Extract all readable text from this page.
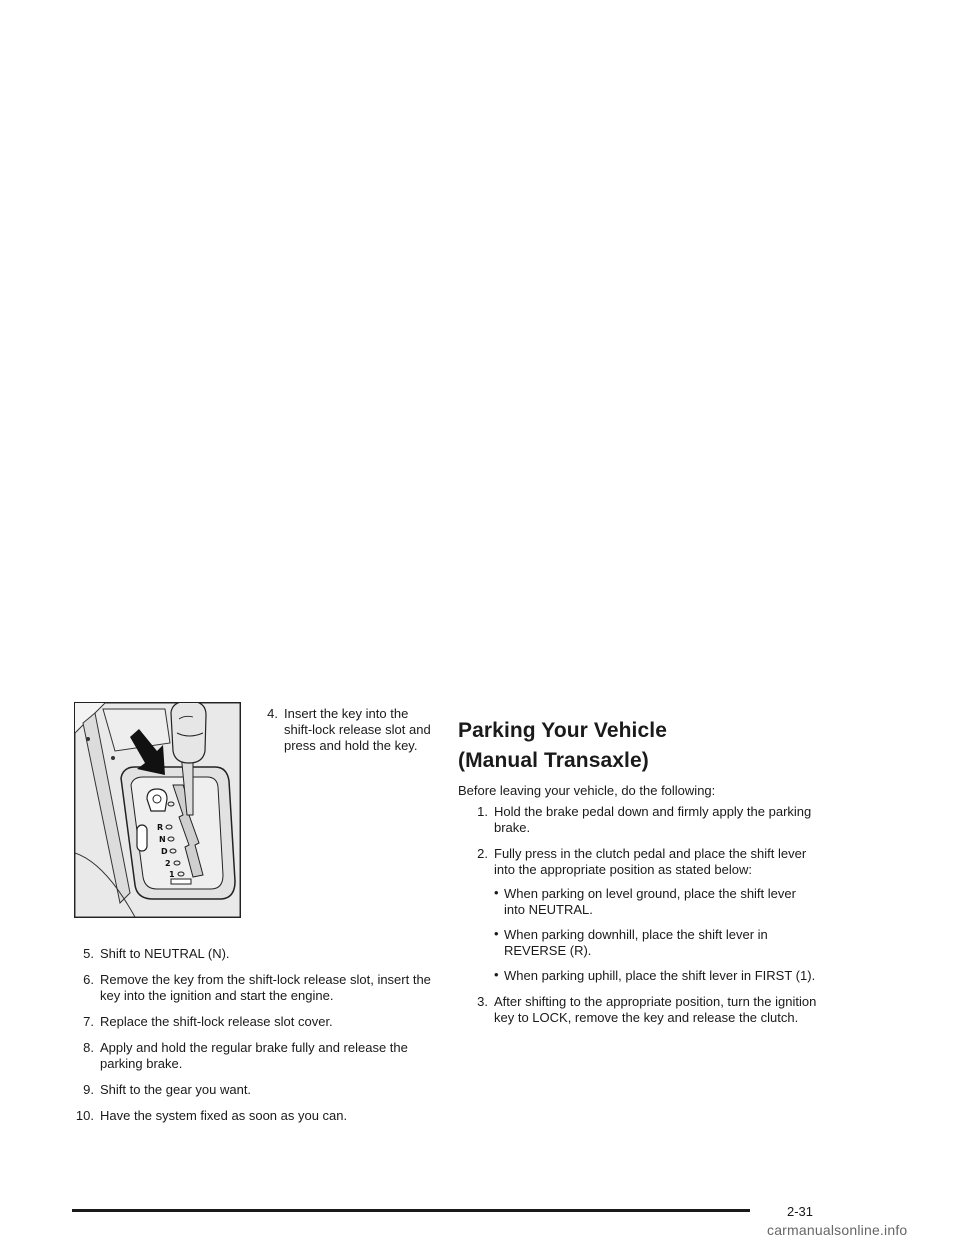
R
N
D
2
1
4. Insert the key into the shift-lock release slot and press and hold the key.
5. Shift to NEUTRAL (N).
6. Remove the key from the shift-lock release slot, insert the key into the ignition and start the engine.
7. Replace the shift-lock release slot cover.
8. Apply and hold the regular brake fully and release the parking brake.
9. Shift to the gear you want.
10. Have the system fixed as soon as you can.
Parking Your Vehicle
(Manual Transaxle)

Before leaving your vehicle, do the following:

1. Hold the brake pedal down and firmly apply the parking brake.
2. Fully press in the clutch pedal and place the shift lever into the appropriate position as stated below:
• When parking on level ground, place the shift lever into NEUTRAL.
• When parking downhill, place the shift lever in REVERSE (R).
• When parking uphill, place the shift lever in FIRST (1).
3. After shifting to the appropriate position, turn the ignition key to LOCK, remove the key and release the clutch.
2-31
carmanualsonline.info
